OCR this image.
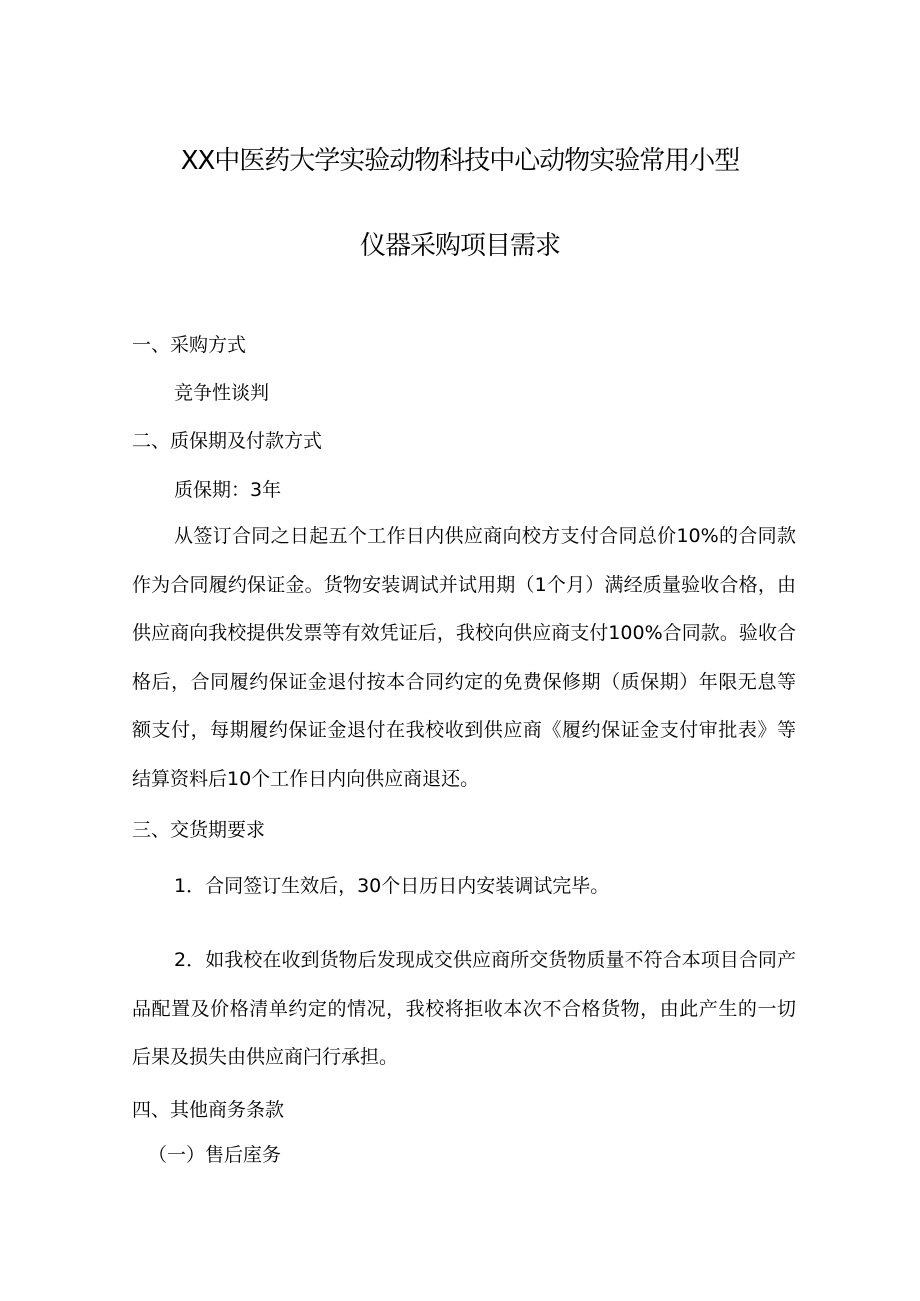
XX中医药大学实验动物科技中心动物实验常用小型
仪器采购项目需求
一、采购方式
竞争性谈判
二、质保期及付款方式
质保期：3年
从签订合同之日起五个工作日内供应商向校方支付合同总价10%的合同款作为合同履约保证金。货物安装调试并试用期（1个月）满经质量验收合格，由供应商向我校提供发票等有效凭证后，我校向供应商支付100%合同款。验收合格后，合同履约保证金退付按本合同约定的免费保修期（质保期）年限无息等额支付，每期履约保证金退付在我校收到供应商《履约保证金支付审批表》等结算资料后10个工作日内向供应商退还。
三、交货期要求
1．合同签订生效后，30个日历日内安装调试完毕。
2．如我校在收到货物后发现成交供应商所交货物质量不符合本项目合同产品配置及价格清单约定的情况，我校将拒收本次不合格货物，由此产生的一切后果及损失由供应商闩行承担。
四、其他商务条款
（一）售后庢务
